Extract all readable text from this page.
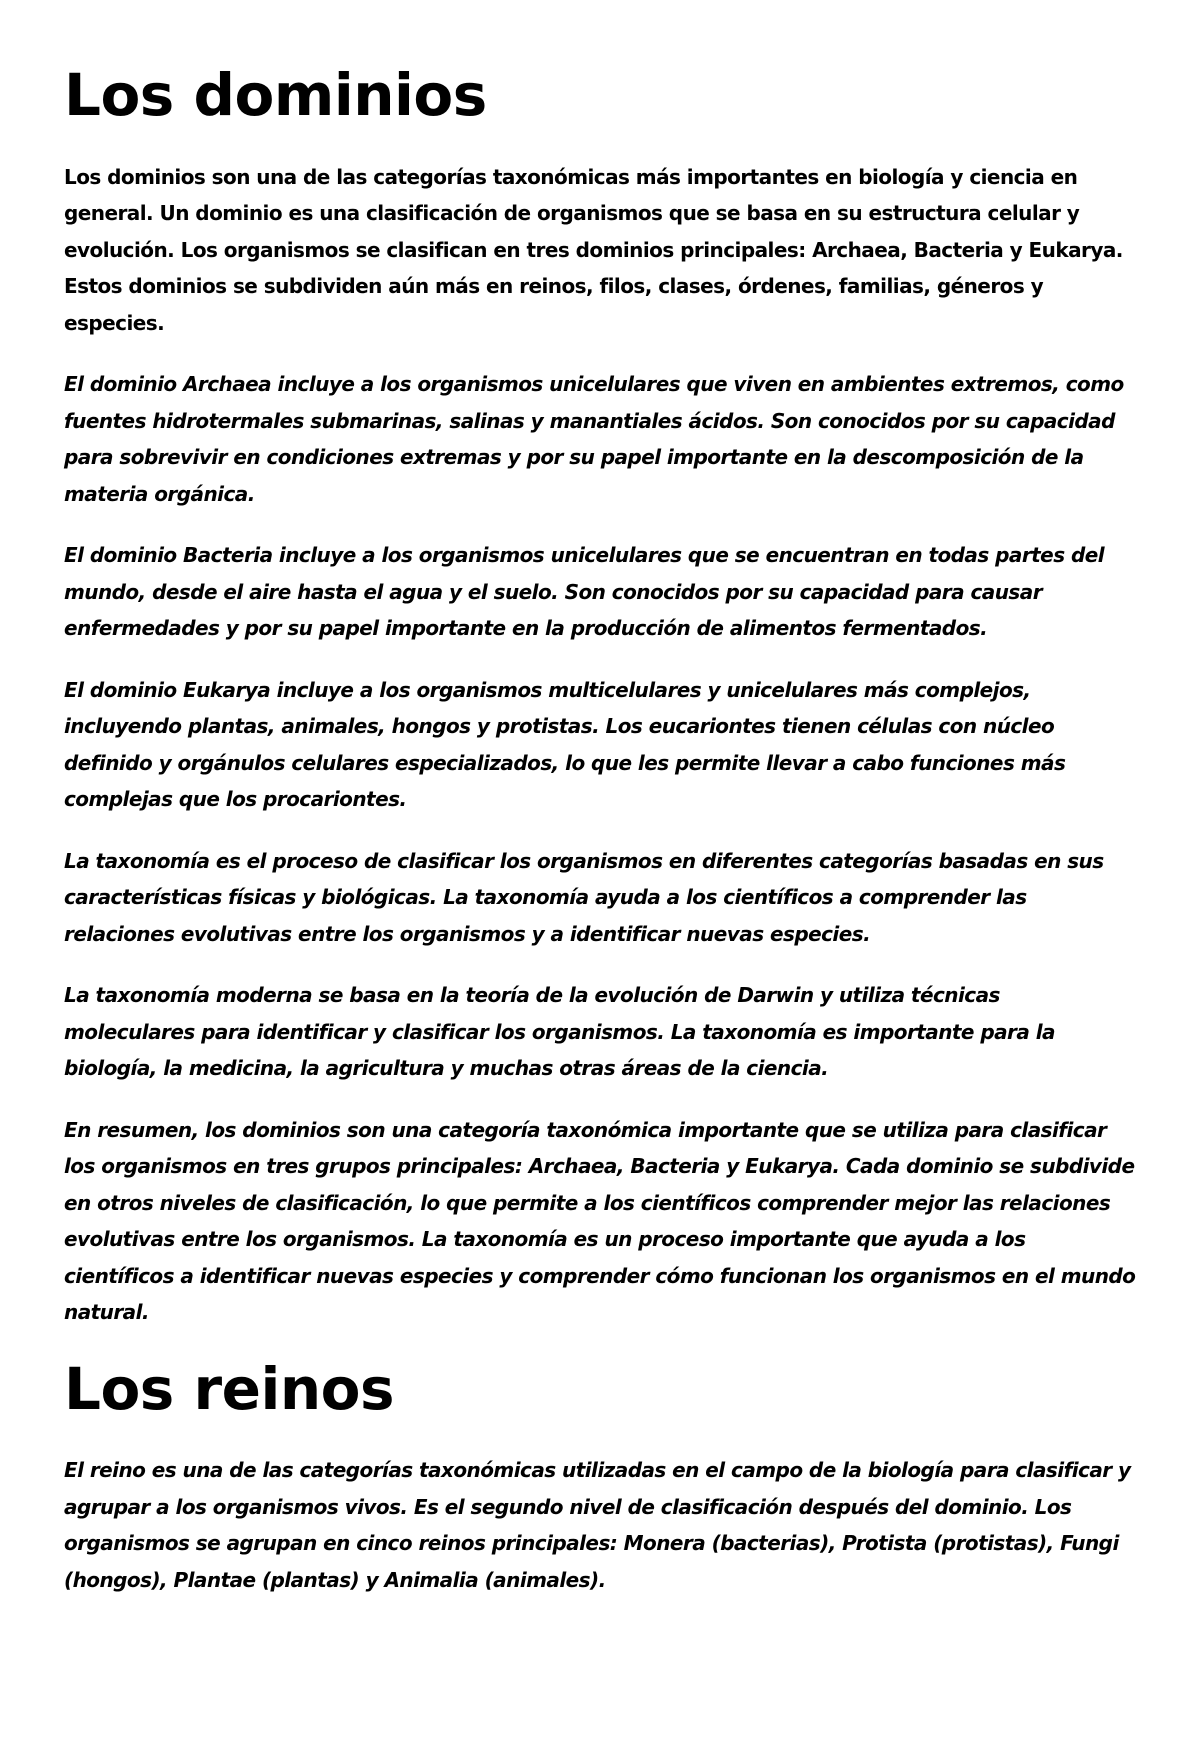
Los dominios

Los dominios son una de las categorías taxonómicas más importantes en biología y ciencia en general. Un dominio es una clasificación de organismos que se basa en su estructura celular y evolución. Los organismos se clasifican en tres dominios principales: Archaea, Bacteria y Eukarya. Estos dominios se subdividen aún más en reinos, filos, clases, órdenes, familias, géneros y especies.

El dominio Archaea incluye a los organismos unicelulares que viven en ambientes extremos, como fuentes hidrotermales submarinas, salinas y manantiales ácidos. Son conocidos por su capacidad para sobrevivir en condiciones extremas y por su papel importante en la descomposición de la materia orgánica.

El dominio Bacteria incluye a los organismos unicelulares que se encuentran en todas partes del mundo, desde el aire hasta el agua y el suelo. Son conocidos por su capacidad para causar enfermedades y por su papel importante en la producción de alimentos fermentados.

El dominio Eukarya incluye a los organismos multicelulares y unicelulares más complejos, incluyendo plantas, animales, hongos y protistas. Los eucariontes tienen células con núcleo definido y orgánulos celulares especializados, lo que les permite llevar a cabo funciones más complejas que los procariontes.

La taxonomía es el proceso de clasificar los organismos en diferentes categorías basadas en sus características físicas y biológicas. La taxonomía ayuda a los científicos a comprender las relaciones evolutivas entre los organismos y a identificar nuevas especies.

La taxonomía moderna se basa en la teoría de la evolución de Darwin y utiliza técnicas moleculares para identificar y clasificar los organismos. La taxonomía es importante para la biología, la medicina, la agricultura y muchas otras áreas de la ciencia.

En resumen, los dominios son una categoría taxonómica importante que se utiliza para clasificar los organismos en tres grupos principales: Archaea, Bacteria y Eukarya. Cada dominio se subdivide en otros niveles de clasificación, lo que permite a los científicos comprender mejor las relaciones evolutivas entre los organismos. La taxonomía es un proceso importante que ayuda a los científicos a identificar nuevas especies y comprender cómo funcionan los organismos en el mundo natural.

Los reinos

El reino es una de las categorías taxonómicas utilizadas en el campo de la biología para clasificar y agrupar a los organismos vivos. Es el segundo nivel de clasificación después del dominio. Los organismos se agrupan en cinco reinos principales: Monera (bacterias), Protista (protistas), Fungi (hongos), Plantae (plantas) y Animalia (animales).
